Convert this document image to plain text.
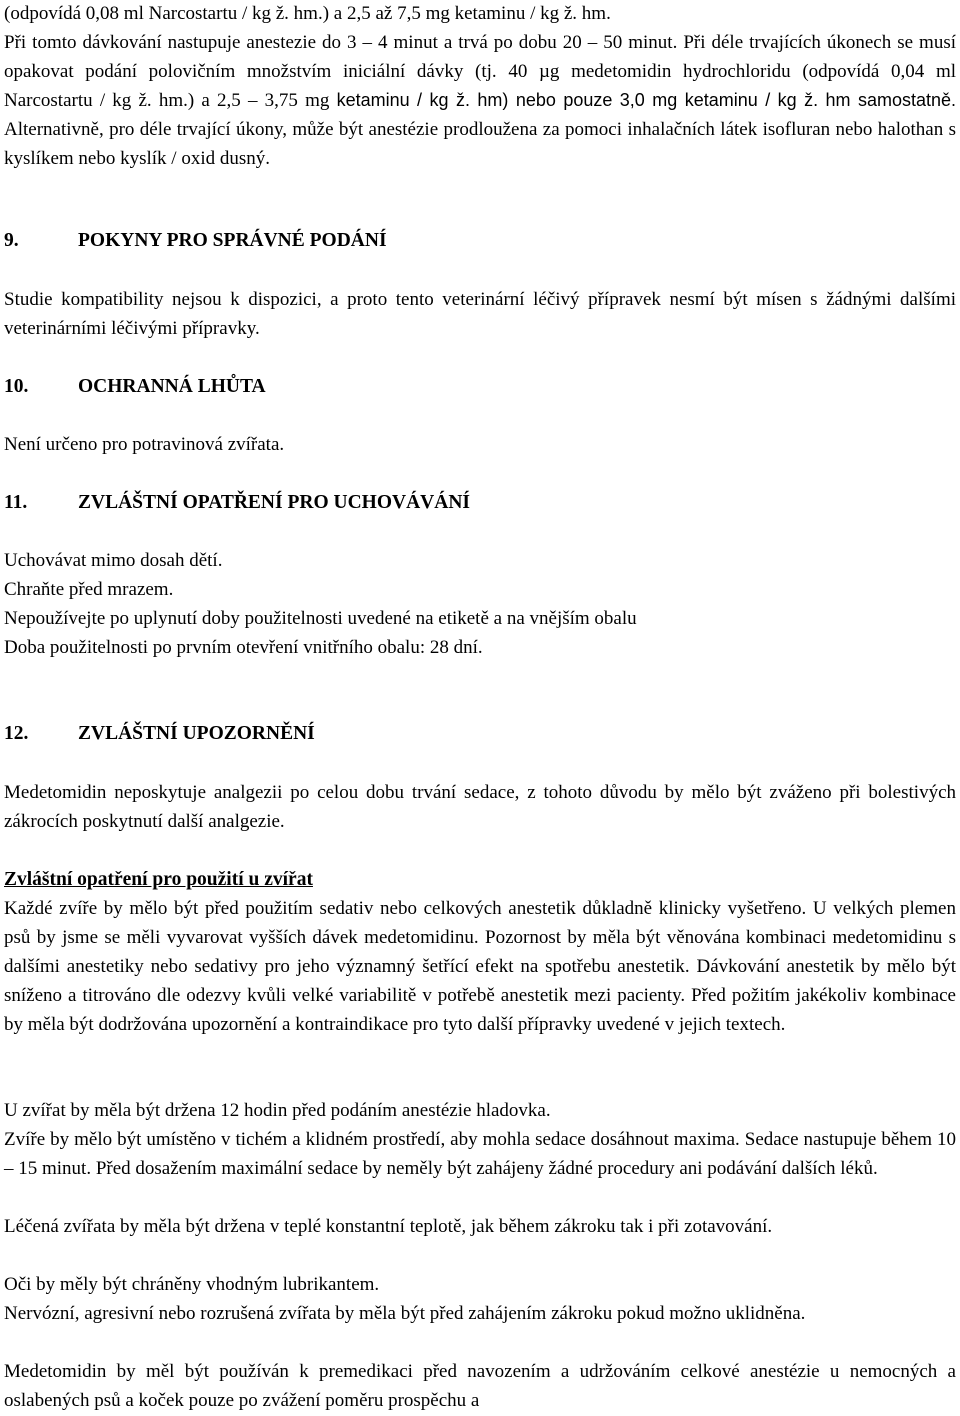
(odpovídá 0,08 ml Narcostartu / kg ž. hm.) a 2,5 až 7,5 mg ketaminu / kg ž. hm.

Při tomto dávkování nastupuje anestezie do 3 – 4 minut a trvá po dobu 20 – 50 minut. Při déle trvajících úkonech se musí opakovat podání polovičním množstvím iniciální dávky (tj. 40 µg medetomidin hydrochloridu (odpovídá 0,04 ml Narcostartu / kg ž. hm.) a 2,5 – 3,75 mg ketaminu / kg ž. hm) nebo pouze 3,0 mg ketaminu / kg ž. hm samostatně. Alternativně, pro déle trvající úkony, může být anestézie prodloužena za pomoci inhalačních látek isofluran nebo halothan s kyslíkem nebo kyslík / oxid dusný.

9.	POKYNY PRO SPRÁVNÉ PODÁNÍ

Studie kompatibility nejsou k dispozici, a proto tento veterinární léčivý přípravek nesmí být mísen s žádnými dalšími veterinárními léčivými přípravky.

10.	OCHRANNÁ LHŮTA

Není určeno pro potravinová zvířata.

11.	ZVLÁŠTNÍ OPATŘENÍ PRO UCHOVÁVÁNÍ

Uchovávat mimo dosah dětí.

Chraňte před mrazem.

Nepoužívejte po uplynutí doby použitelnosti uvedené na etiketě a na vnějším obalu

Doba použitelnosti po prvním otevření vnitřního obalu: 28 dní.

12.	ZVLÁŠTNÍ UPOZORNĚNÍ

Medetomidin neposkytuje analgezii po celou dobu trvání sedace, z tohoto důvodu by mělo být zváženo při bolestivých zákrocích poskytnutí další analgezie.

Zvláštní opatření pro použití u zvířat

Každé zvíře by mělo být před použitím sedativ nebo celkových anestetik důkladně klinicky vyšetřeno. U velkých plemen psů by jsme se měli vyvarovat vyšších dávek medetomidinu. Pozornost by měla být věnována kombinaci medetomidinu s dalšími anestetiky nebo sedativy pro jeho významný šetřící efekt na spotřebu anestetik. Dávkování anestetik by mělo být sníženo a titrováno dle odezvy kvůli velké variabilitě v potřebě anestetik mezi pacienty. Před požitím jakékoliv kombinace by měla být dodržována upozornění a kontraindikace pro tyto další přípravky uvedené v jejich textech.

U zvířat by měla být držena 12 hodin před podáním anestézie hladovka.

Zvíře by mělo být umístěno v tichém a klidném prostředí, aby mohla sedace dosáhnout maxima. Sedace nastupuje během 10 – 15 minut. Před dosažením maximální sedace by neměly být zahájeny žádné procedury ani podávání dalších léků.

Léčená zvířata by měla být držena v teplé konstantní teplotě, jak během zákroku tak i při zotavování.

Oči by měly být chráněny vhodným lubrikantem.

Nervózní, agresivní nebo rozrušená zvířata by měla být před zahájením zákroku pokud možno uklidněna.

Medetomidin by měl být používán k premedikaci před navozením a udržováním celkové anestézie u nemocných a oslabených psů a koček pouze po zvážení poměru prospěchu a
